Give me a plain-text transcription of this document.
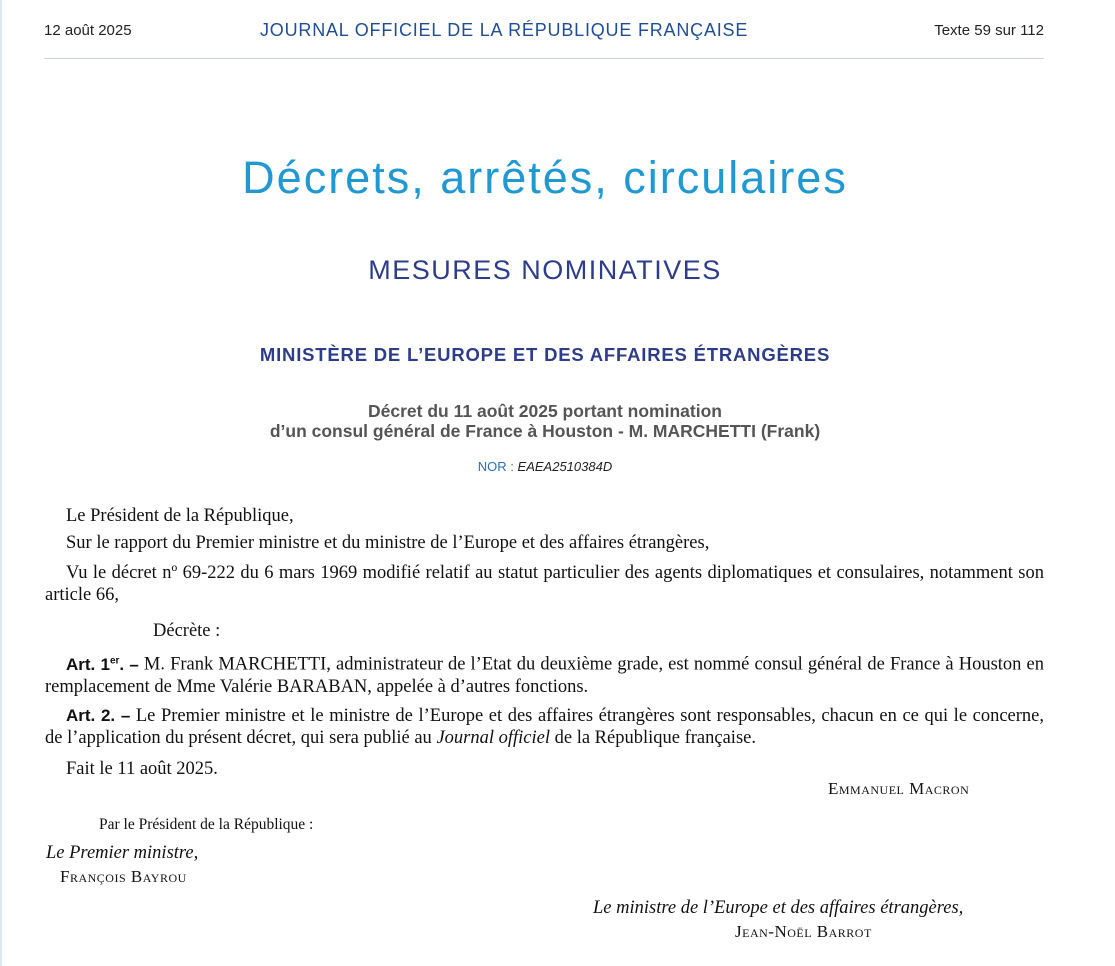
12 août 2025	JOURNAL OFFICIEL DE LA RÉPUBLIQUE FRANÇAISE	Texte 59 sur 112
Décrets, arrêtés, circulaires
MESURES NOMINATIVES
MINISTÈRE DE L’EUROPE ET DES AFFAIRES ÉTRANGÈRES
Décret du 11 août 2025 portant nomination
d’un consul général de France à Houston - M. MARCHETTI (Frank)
NOR : EAEA2510384D
Le Président de la République,
Sur le rapport du Premier ministre et du ministre de l’Europe et des affaires étrangères,
Vu le décret nº 69-222 du 6 mars 1969 modifié relatif au statut particulier des agents diplomatiques et consulaires, notamment son article 66,
Décrète :
Art. 1er. – M. Frank MARCHETTI, administrateur de l’Etat du deuxième grade, est nommé consul général de France à Houston en remplacement de Mme Valérie BARABAN, appelée à d’autres fonctions.
Art. 2. – Le Premier ministre et le ministre de l’Europe et des affaires étrangères sont responsables, chacun en ce qui le concerne, de l’application du présent décret, qui sera publié au Journal officiel de la République française.
Fait le 11 août 2025.
Emmanuel Macron
Par le Président de la République :
Le Premier ministre,
François Bayrou
Le ministre de l’Europe et des affaires étrangères,
Jean-Noël Barrot
